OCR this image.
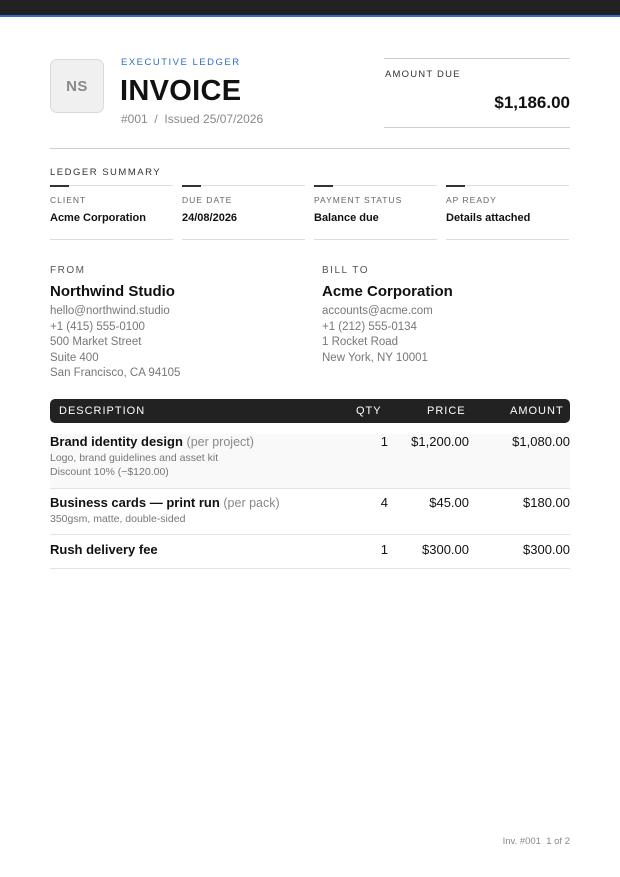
NS
EXECUTIVE LEDGER
INVOICE
#001  /  Issued 25/07/2026
AMOUNT DUE
$1,186.00
LEDGER SUMMARY
CLIENT
Acme Corporation
DUE DATE
24/08/2026
PAYMENT STATUS
Balance due
AP READY
Details attached
FROM
Northwind Studio
hello@northwind.studio
+1 (415) 555-0100
500 Market Street
Suite 400
San Francisco, CA 94105
BILL TO
Acme Corporation
accounts@acme.com
+1 (212) 555-0134
1 Rocket Road
New York, NY 10001
DESCRIPTION	QTY	PRICE	AMOUNT
Brand identity design (per project)
Logo, brand guidelines and asset kit
Discount 10% (−$120.00)
1 $1,200.00	$1,080.00
Business cards — print run (per pack)
350gsm, matte, double-sided
4	$45.00	$180.00
Rush delivery fee	1	$300.00	$300.00
Inv. #001  1 of 2
